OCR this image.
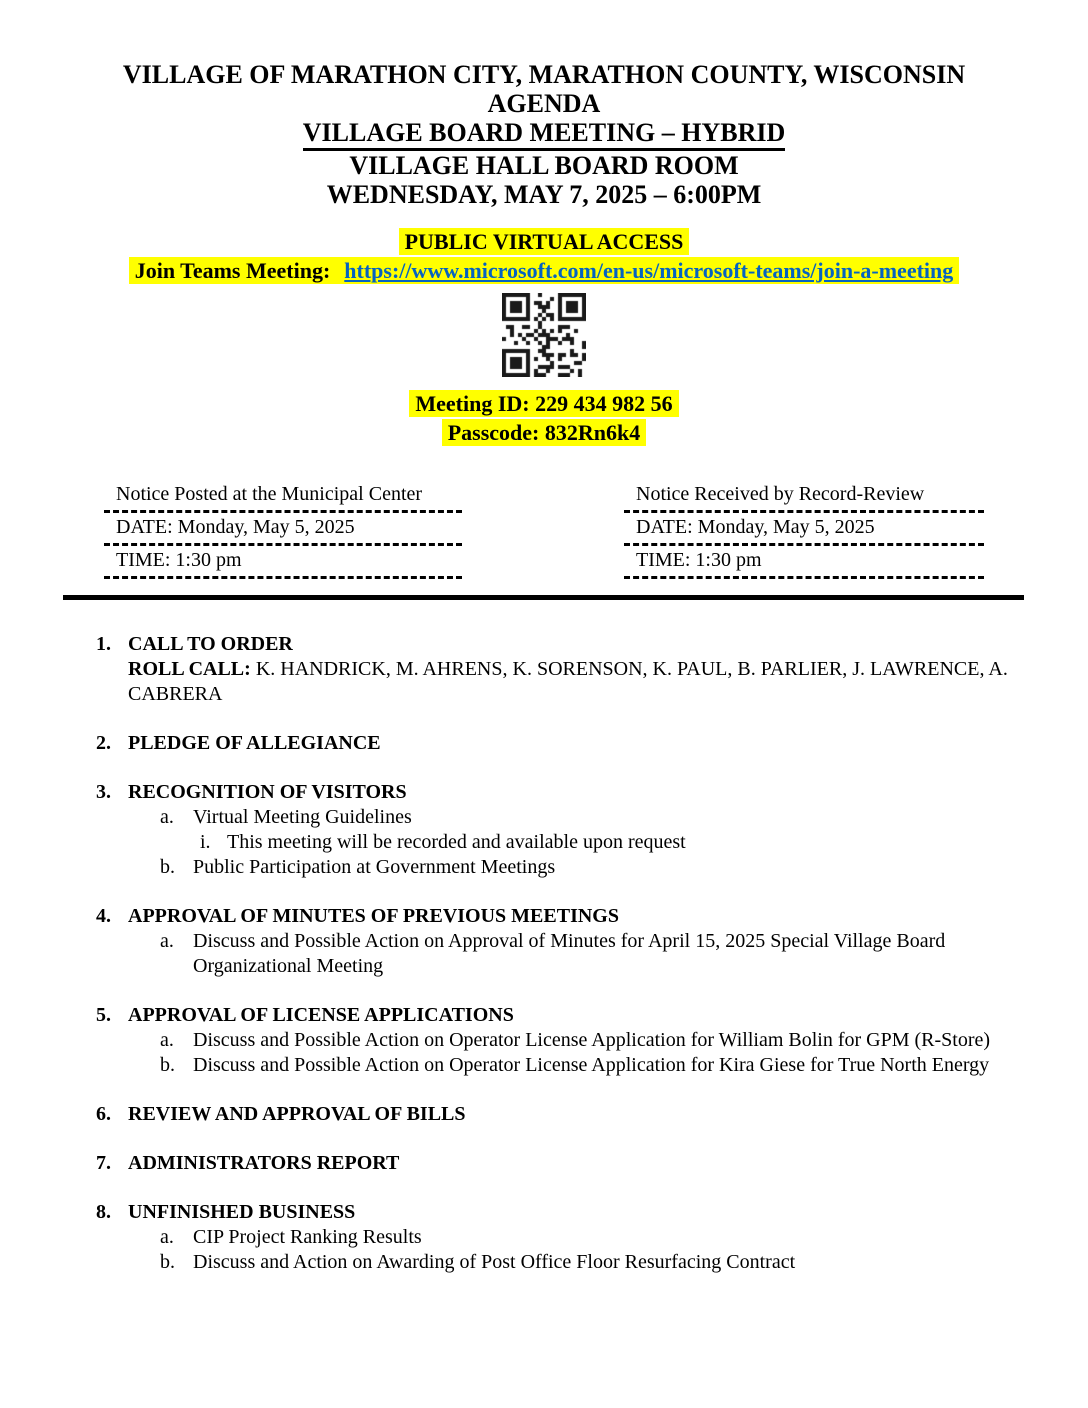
VILLAGE OF MARATHON CITY, MARATHON COUNTY, WISCONSIN
AGENDA
VILLAGE BOARD MEETING – HYBRID
VILLAGE HALL BOARD ROOM
WEDNESDAY, MAY 7, 2025 – 6:00PM
PUBLIC VIRTUAL ACCESS
Join Teams Meeting: https://www.microsoft.com/en-us/microsoft-teams/join-a-meeting
Meeting ID: 229 434 982 56
Passcode: 832Rn6k4
Notice Posted at the Municipal Center
DATE: Monday, May 5, 2025
TIME: 1:30 pm
Notice Received by Record-Review
DATE: Monday, May 5, 2025
TIME: 1:30 pm
1. CALL TO ORDER
ROLL CALL: K. HANDRICK, M. AHRENS, K. SORENSON, K. PAUL, B. PARLIER, J. LAWRENCE, A. CABRERA
2. PLEDGE OF ALLEGIANCE
3. RECOGNITION OF VISITORS
a. Virtual Meeting Guidelines
i. This meeting will be recorded and available upon request
b. Public Participation at Government Meetings
4. APPROVAL OF MINUTES OF PREVIOUS MEETINGS
a. Discuss and Possible Action on Approval of Minutes for April 15, 2025 Special Village Board Organizational Meeting
5. APPROVAL OF LICENSE APPLICATIONS
a. Discuss and Possible Action on Operator License Application for William Bolin for GPM (R-Store)
b. Discuss and Possible Action on Operator License Application for Kira Giese for True North Energy
6. REVIEW AND APPROVAL OF BILLS
7. ADMINISTRATORS REPORT
8. UNFINISHED BUSINESS
a. CIP Project Ranking Results
b. Discuss and Action on Awarding of Post Office Floor Resurfacing Contract
